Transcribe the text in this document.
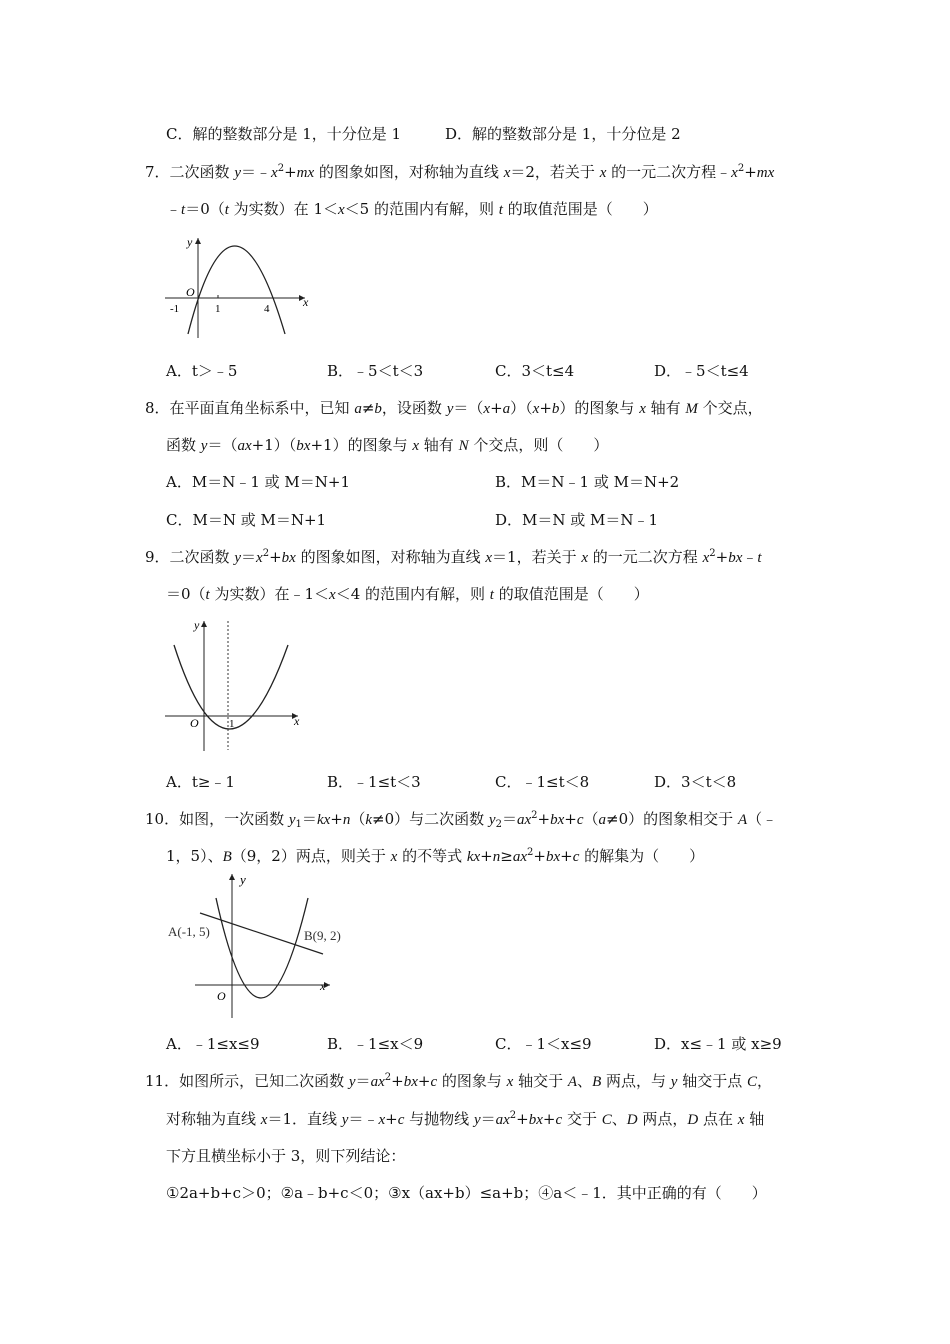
C．解的整数部分是 1，十分位是 1	D．解的整数部分是 1，十分位是 2
7．二次函数 $y=﹣x^2+mx$ 的图象如图，对称轴为直线 x＝2，若关于 x 的一元二次方程$﹣x^2+mx$
﹣t＝0（t 为实数）在 1＜x＜5 的范围内有解，则 t 的取值范围是（　　）
y
x
O
-1	1	4
A．t＞﹣5	B．﹣5＜t＜3	C．3＜t≤4	D．﹣5＜t≤4
8．在平面直角坐标系中，已知 a≠b，设函数 y＝（x+a）（x+b）的图象与 x 轴有 M 个交点，
函数 y＝（ax+1）（bx+1）的图象与 x 轴有 N 个交点，则（　　）
A．M＝N﹣1 或 M＝N+1	B．M＝N﹣1 或 M＝N+2
C．M＝N 或 M＝N+1	D．M＝N 或 M＝N﹣1
9．二次函数 $y=x^2+bx$ 的图象如图，对称轴为直线 x＝1，若关于 x 的一元二次方程 $x^2+bx﹣t$
＝0（t 为实数）在﹣1＜x＜4 的范围内有解，则 t 的取值范围是（　　）
y
x
O	1
A．t≥﹣1	B．﹣1≤t＜3	C．﹣1≤t＜8	D．3＜t＜8
10．如图，一次函数 $y_1=kx+n(k\ne 0)$与二次函数 $y_2=ax^2+bx+c(a\ne 0)$的图象相交于 A（﹣
1，5）、B（9，2）两点，则关于 x 的不等式 $kx+n\ge ax^2+bx+c$ 的解集为（　　）
y
x
O
A(-1, 5)	B(9, 2)
A．﹣1≤x≤9	B．﹣1≤x＜9	C．﹣1＜x≤9	D．x≤﹣1 或 x≥9
11．如图所示，已知二次函数 $y=ax^2+bx+c$ 的图象与 x 轴交于 A、B 两点，与 y 轴交于点 C，
对称轴为直线 x＝1．直线 y＝﹣x+c 与抛物线 $y=ax^2+bx+c$ 交于 C、D 两点，D 点在 x 轴
下方且横坐标小于 3，则下列结论：
①2a+b+c＞0；②a﹣b+c＜0；③x（ax+b）≤a+b；④a＜﹣1．其中正确的有（　　）
